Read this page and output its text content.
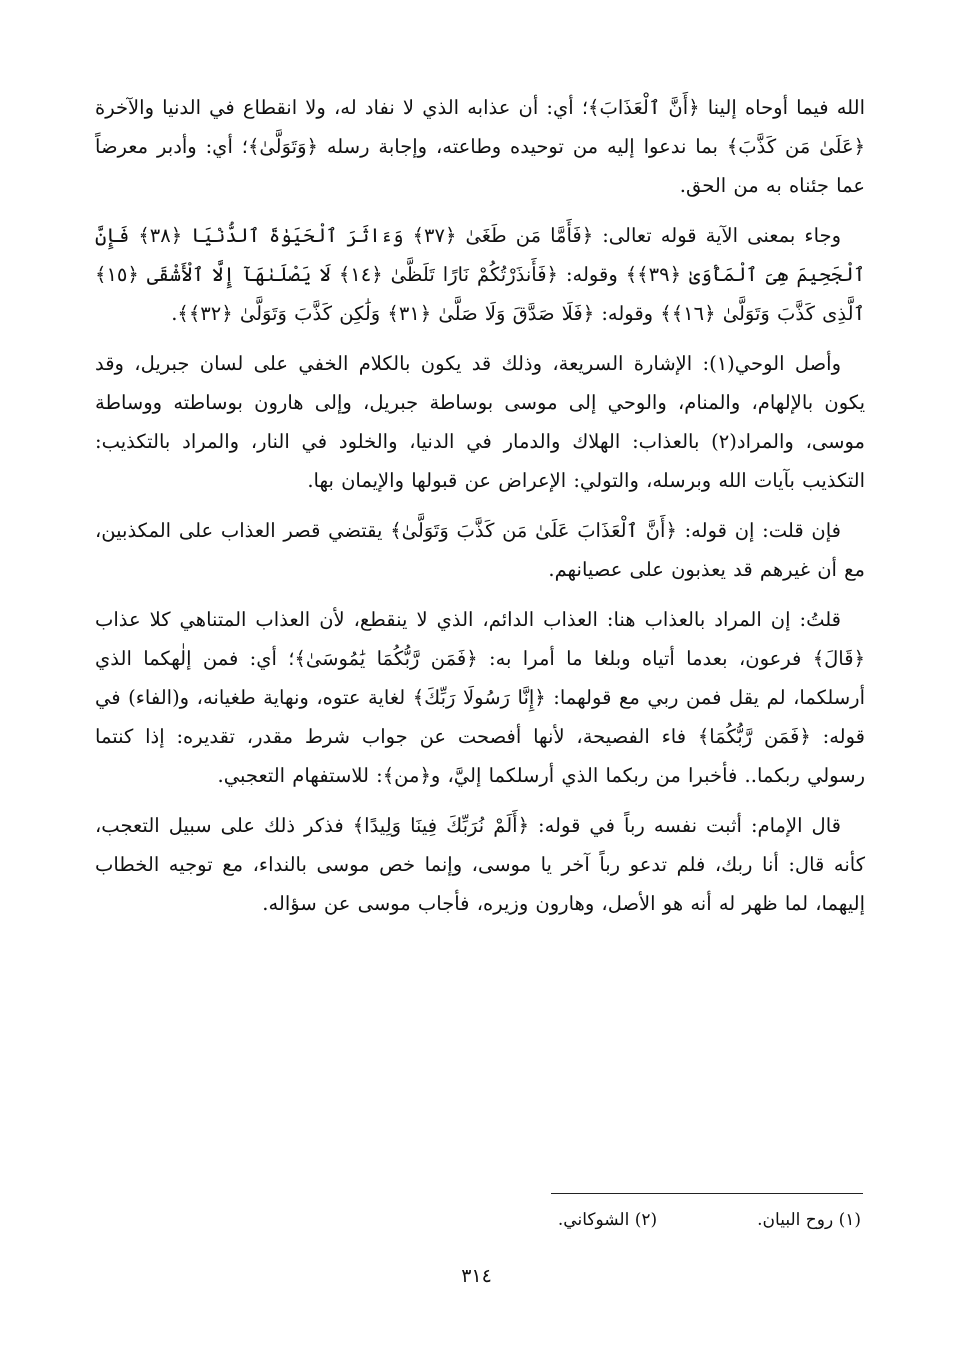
الله فيما أوحاه إلينا ﴿أَنَّ ٱلْعَذَابَ﴾؛ أي: أن عذابه الذي لا نفاد له، ولا انقطاع في الدنيا والآخرة ﴿عَلَىٰ مَن كَذَّبَ﴾ بما ندعوا إليه من توحيده وطاعته، وإجابة رسله ﴿وَتَوَلَّىٰ﴾؛ أي: وأدبر معرضاً عما جئناه به من الحق.

وجاء بمعنى الآية قوله تعالى: ﴿فَأَمَّا مَن طَغَىٰ ﴿٣٧﴾ وَءَاثَرَ ٱلْحَيَوٰةَ ٱلدُّنْيَا ﴿٣٨﴾ فَإِنَّ ٱلْجَحِيمَ هِىَ ٱلْمَأْوَىٰ ﴿٣٩﴾﴾ وقوله: ﴿فَأَنذَرْتُكُمْ نَارًا تَلَظَّىٰ ﴿١٤﴾ لَا يَصْلَىٰهَآ إِلَّا ٱلْأَشْقَى ﴿١٥﴾ ٱلَّذِى كَذَّبَ وَتَوَلَّىٰ ﴿١٦﴾﴾ وقوله: ﴿فَلَا صَدَّقَ وَلَا صَلَّىٰ ﴿٣١﴾ وَلَٰكِن كَذَّبَ وَتَوَلَّىٰ ﴿٣٢﴾﴾.

وأصل الوحي(١): الإشارة السريعة، وذلك قد يكون بالكلام الخفي على لسان جبريل، وقد يكون بالإلهام، والمنام، والوحي إلى موسى بوساطة جبريل، وإلى هارون بوساطته ووساطة موسى، والمراد(٢) بالعذاب: الهلاك والدمار في الدنيا، والخلود في النار، والمراد بالتكذيب: التكذيب بآيات الله وبرسله، والتولي: الإعراض عن قبولها والإيمان بها.

فإن قلت: إن قوله: ﴿أَنَّ ٱلْعَذَابَ عَلَىٰ مَن كَذَّبَ وَتَوَلَّىٰ﴾ يقتضي قصر العذاب على المكذبين، مع أن غيرهم قد يعذبون على عصيانهم.

قلتُ: إن المراد بالعذاب هنا: العذاب الدائم، الذي لا ينقطع، لأن العذاب المتناهي كلا عذاب ﴿قَالَ﴾ فرعون، بعدما أتياه وبلغا ما أمرا به: ﴿فَمَن رَّبُّكُمَا يَٰمُوسَىٰ﴾؛ أي: فمن إلٰهكما الذي أرسلكما، لم يقل فمن ربي مع قولهما: ﴿إِنَّا رَسُولَا رَبِّكَ﴾ لغاية عتوه، ونهاية طغيانه، و(الفاء) في قوله: ﴿فَمَن رَّبُّكُمَا﴾ فاء الفصيحة، لأنها أفصحت عن جواب شرط مقدر، تقديره: إذا كنتما رسولي ربكما.. فأخبرا من ربكما الذي أرسلكما إليَّ، و﴿من﴾: للاستفهام التعجبي.

قال الإمام: أثبت نفسه رباً في قوله: ﴿أَلَمْ نُرَبِّكَ فِينَا وَلِيدًا﴾ فذكر ذلك على سبيل التعجب، كأنه قال: أنا ربك، فلم تدعو رباً آخر يا موسى، وإنما خص موسى بالنداء، مع توجيه الخطاب إليهما، لما ظهر له أنه هو الأصل، وهارون وزيره، فأجاب موسى عن سؤاله.

(١) روح البيان.
(٢) الشوكاني.
٣١٤
